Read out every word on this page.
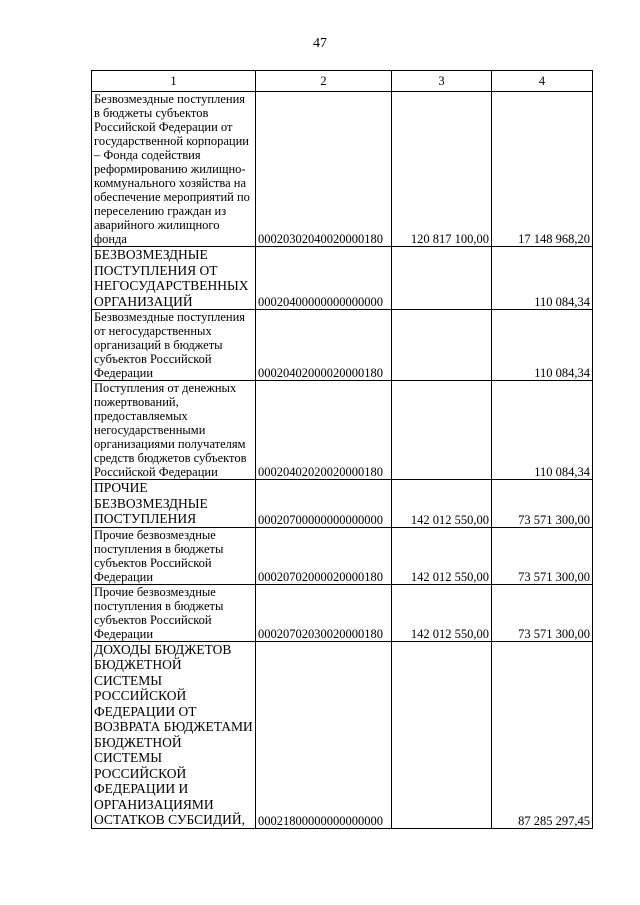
47
1	2	3	4
Безвозмездные поступления в бюджеты субъектов Российской Федерации от государственной корпорации – Фонда содействия реформированию жилищно-коммунального хозяйства на обеспечение мероприятий по переселению граждан из аварийного жилищного фонда	00020302040020000180	120 817 100,00	17 148 968,20
БЕЗВОЗМЕЗДНЫЕ ПОСТУПЛЕНИЯ ОТ НЕГОСУДАРСТВЕННЫХ ОРГАНИЗАЦИЙ	00020400000000000000		110 084,34
Безвозмездные поступления от негосударственных организаций в бюджеты субъектов Российской Федерации	00020402000020000180		110 084,34
Поступления от денежных пожертвований, предоставляемых негосударственными организациями получателям средств бюджетов субъектов Российской Федерации	00020402020020000180		110 084,34
ПРОЧИЕ БЕЗВОЗМЕЗДНЫЕ ПОСТУПЛЕНИЯ	00020700000000000000	142 012 550,00	73 571 300,00
Прочие безвозмездные поступления в бюджеты субъектов Российской Федерации	00020702000020000180	142 012 550,00	73 571 300,00
Прочие безвозмездные поступления в бюджеты субъектов Российской Федерации	00020702030020000180	142 012 550,00	73 571 300,00
ДОХОДЫ БЮДЖЕТОВ БЮДЖЕТНОЙ СИСТЕМЫ РОССИЙСКОЙ ФЕДЕРАЦИИ ОТ ВОЗВРАТА БЮДЖЕТАМИ БЮДЖЕТНОЙ СИСТЕМЫ РОССИЙСКОЙ ФЕДЕРАЦИИ И ОРГАНИЗАЦИЯМИ ОСТАТКОВ СУБСИДИЙ,	00021800000000000000		87 285 297,45
